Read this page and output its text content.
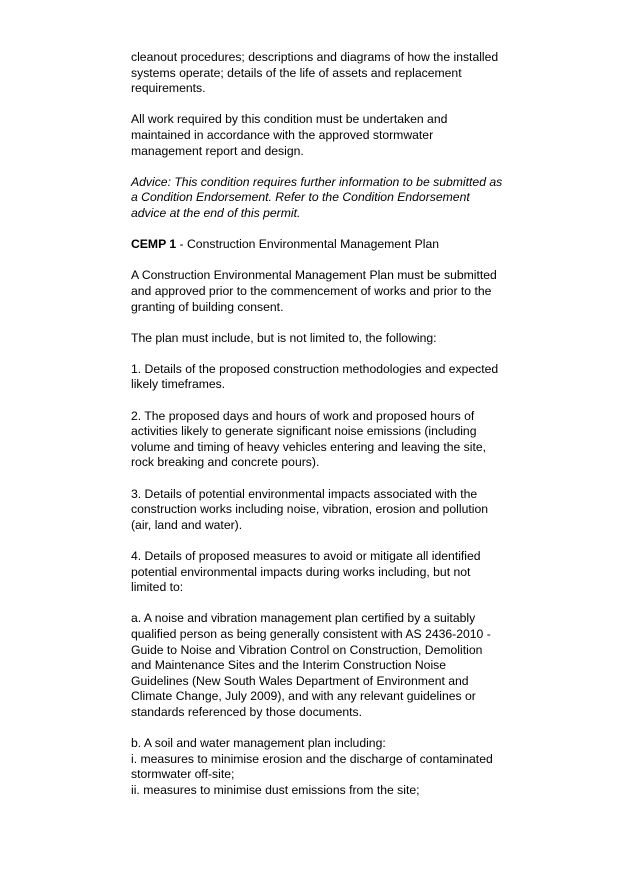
cleanout procedures; descriptions and diagrams of how the installed
systems operate; details of the life of assets and replacement
requirements.

All work required by this condition must be undertaken and
maintained in accordance with the approved stormwater
management report and design.

Advice: This condition requires further information to be submitted as
a Condition Endorsement. Refer to the Condition Endorsement
advice at the end of this permit.

CEMP 1 - Construction Environmental Management Plan

A Construction Environmental Management Plan must be submitted
and approved prior to the commencement of works and prior to the
granting of building consent.

The plan must include, but is not limited to, the following:

1. Details of the proposed construction methodologies and expected
likely timeframes.

2. The proposed days and hours of work and proposed hours of
activities likely to generate significant noise emissions (including
volume and timing of heavy vehicles entering and leaving the site,
rock breaking and concrete pours).

3. Details of potential environmental impacts associated with the
construction works including noise, vibration, erosion and pollution
(air, land and water).

4. Details of proposed measures to avoid or mitigate all identified
potential environmental impacts during works including, but not
limited to:

a. A noise and vibration management plan certified by a suitably
qualified person as being generally consistent with AS 2436-2010 -
Guide to Noise and Vibration Control on Construction, Demolition
and Maintenance Sites and the Interim Construction Noise
Guidelines (New South Wales Department of Environment and
Climate Change, July 2009), and with any relevant guidelines or
standards referenced by those documents.

b. A soil and water management plan including:
i. measures to minimise erosion and the discharge of contaminated
stormwater off-site;
ii. measures to minimise dust emissions from the site;
